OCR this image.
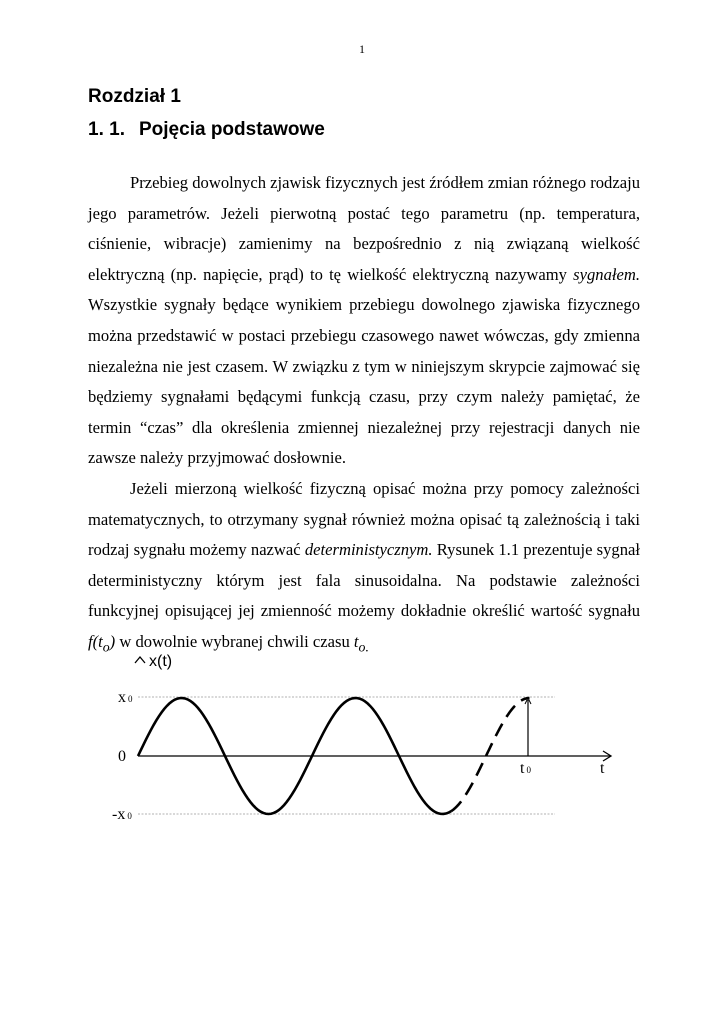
1
Rozdział 1
1. 1. Pojęcia podstawowe

Przebieg dowolnych zjawisk fizycznych jest źródłem zmian różnego rodzaju jego parametrów. Jeżeli pierwotną postać tego parametru (np. temperatura, ciśnienie, wibracje) zamienimy na bezpośrednio z nią związaną wielkość elektryczną (np. napięcie, prąd) to tę wielkość elektryczną nazywamy sygnałem. Wszystkie sygnały będące wynikiem przebiegu dowolnego zjawiska fizycznego można przedstawić w postaci przebiegu czasowego nawet wówczas, gdy zmienna niezależna nie jest czasem. W związku z tym w niniejszym skrypcie zajmować się będziemy sygnałami będącymi funkcją czasu, przy czym należy pamiętać, że termin “czas” dla określenia zmiennej niezależnej przy rejestracji danych nie zawsze należy przyjmować dosłownie.

Jeżeli mierzoną wielkość fizyczną opisać można przy pomocy zależności matematycznych, to otrzymany sygnał również można opisać tą zależnością i taki rodzaj sygnału możemy nazwać deterministycznym. Rysunek 1.1 prezentuje sygnał deterministyczny którym jest fala sinusoidalna. Na podstawie zależności funkcyjnej opisującej jej zmienność możemy dokładnie określić wartość sygnału $f(t_o)$ w dowolnie wybranej chwili czasu $t_{o.}$

x(t)
x 0
0
-x 0
t 0	t
